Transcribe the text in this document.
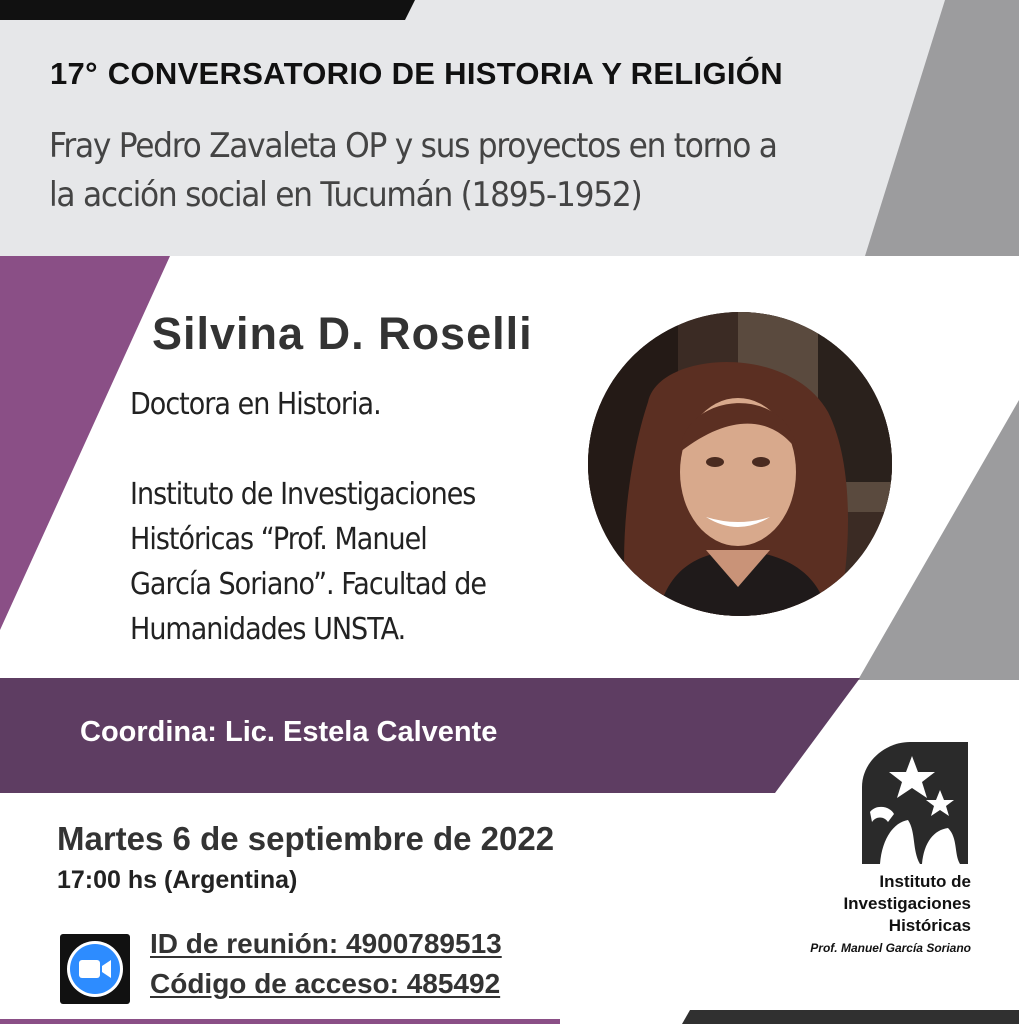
17° CONVERSATORIO DE HISTORIA Y RELIGIÓN
Fray Pedro Zavaleta OP y sus proyectos en torno a
la acción social en Tucumán (1895-1952)
Silvina D. Roselli
Doctora en Historia.
Instituto de Investigaciones
Históricas “Prof. Manuel
García Soriano”. Facultad de
Humanidades UNSTA.
Coordina: Lic. Estela Calvente
Martes 6 de septiembre de 2022
17:00 hs (Argentina)
ID de reunión: 4900789513
Código de acceso: 485492
Instituto de
Investigaciones
Históricas
Prof. Manuel García Soriano
